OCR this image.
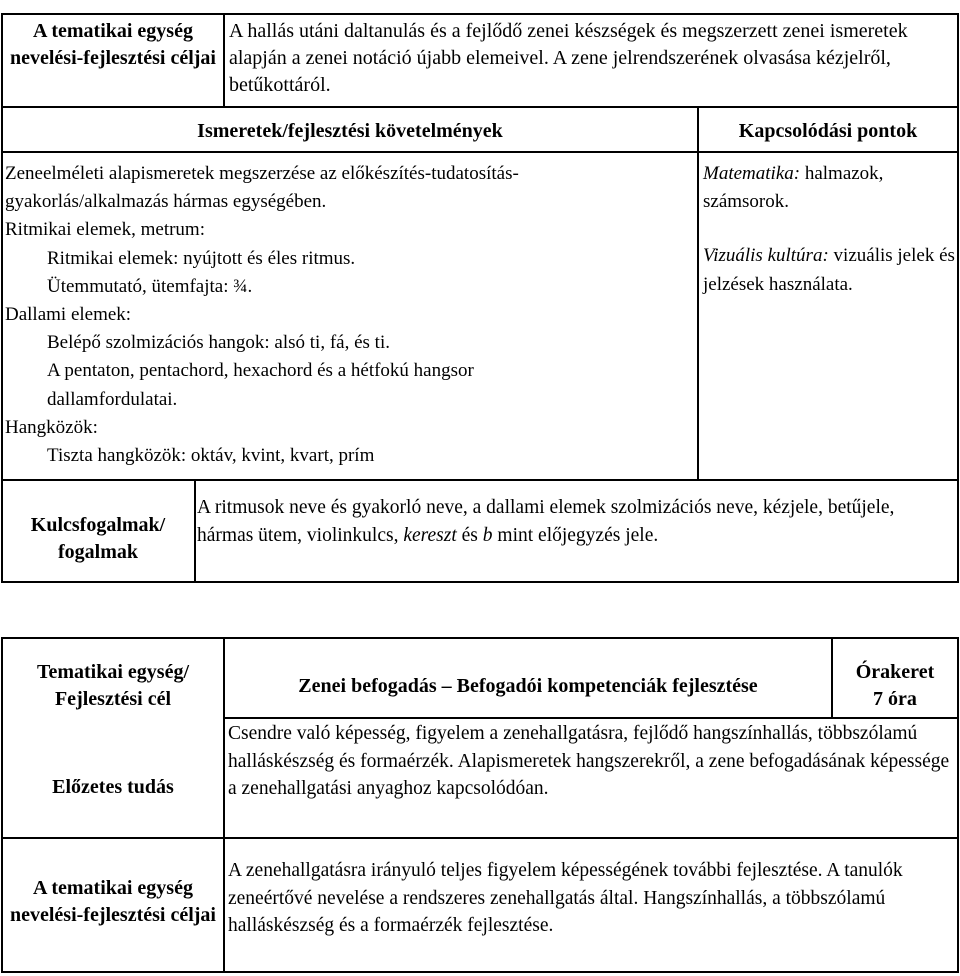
A tematikai egység nevelési-fejlesztési céljai
A hallás utáni daltanulás és a fejlődő zenei készségek és megszerzett zenei ismeretek alapján a zenei notáció újabb elemeivel. A zene jelrendszerének olvasása kézjelről, betűkottáról.
Ismeretek/fejlesztési követelmények	Kapcsolódási pontok

Zeneelméleti alapismeretek megszerzése az előkészítés-tudatosítás-

gyakorlás/alkalmazás hármas egységében.

Ritmikai elemek, metrum:

Ritmikai elemek: nyújtott és éles ritmus.

Ütemmutató, ütemfajta: ¾.

Dallami elemek:

Belépő szolmizációs hangok: alsó ti, fá, és ti.

A pentaton, pentachord, hexachord és a hétfokú hangsor

dallamfordulatai.

Hangközök:

Tiszta hangközök: oktáv, kvint, kvart, prím

Matematika: halmazok, számsorok.

Vizuális kultúra: vizuális jelek és jelzések használata.

Kulcsfogalmak/ fogalmak
A ritmusok neve és gyakorló neve, a dallami elemek szolmizációs neve, kézjele, betűjele, hármas ütem, violinkulcs, kereszt és b mint előjegyzés jele.
Tematikai egység/ Fejlesztési cél
Zenei befogadás – Befogadói kompetenciák fejlesztése

Órakeret

7 óra

Előzetes tudás
Csendre való képesség, figyelem a zenehallgatásra, fejlődő hangszínhallás, többszólamú halláskészség és formaérzék. Alapismeretek hangszerekről, a zene befogadásának képessége a zenehallgatási anyaghoz kapcsolódóan.
A tematikai egység nevelési-fejlesztési céljai
A zenehallgatásra irányuló teljes figyelem képességének további fejlesztése. A tanulók zeneértővé nevelése a rendszeres zenehallgatás által. Hangszínhallás, a többszólamú halláskészség és a formaérzék fejlesztése.
